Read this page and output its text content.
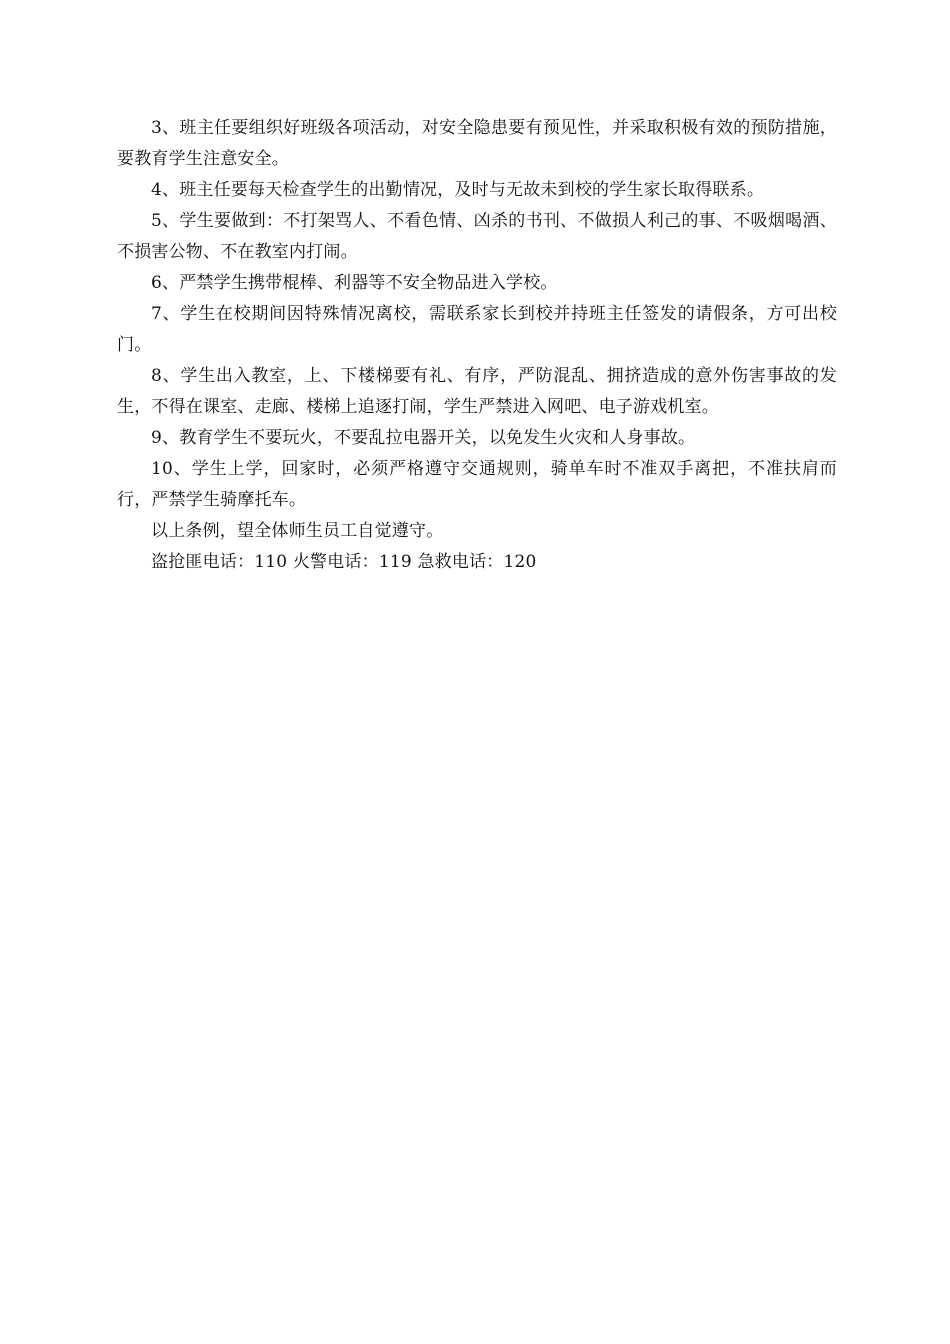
3、班主任要组织好班级各项活动，对安全隐患要有预见性，并采取积极有效的预防措施，要教育学生注意安全。

4、班主任要每天检查学生的出勤情况，及时与无故未到校的学生家长取得联系。

5、学生要做到：不打架骂人、不看色情、凶杀的书刊、不做损人利己的事、不吸烟喝酒、不损害公物、不在教室内打闹。

6、严禁学生携带棍棒、利器等不安全物品进入学校。

7、学生在校期间因特殊情况离校，需联系家长到校并持班主任签发的请假条，方可出校门。

8、学生出入教室，上、下楼梯要有礼、有序，严防混乱、拥挤造成的意外伤害事故的发生，不得在课室、走廊、楼梯上追逐打闹，学生严禁进入网吧、电子游戏机室。

9、教育学生不要玩火，不要乱拉电器开关，以免发生火灾和人身事故。

10、学生上学，回家时，必须严格遵守交通规则，骑单车时不准双手离把，不准扶肩而行，严禁学生骑摩托车。

以上条例，望全体师生员工自觉遵守。

盗抢匪电话：110 火警电话：119 急救电话：120
